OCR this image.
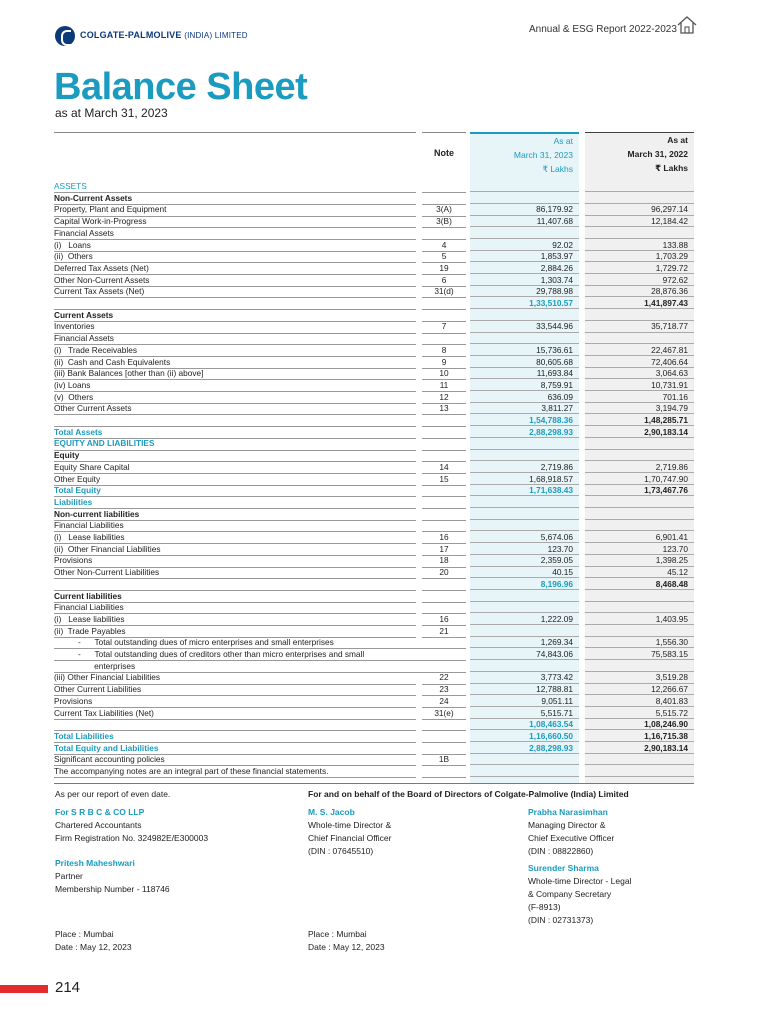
COLGATE-PALMOLIVE (INDIA) LIMITED
Annual & ESG Report 2022-2023
Balance Sheet
as at March 31, 2023
Note
As at
March 31, 2023
₹ Lakhs
As at
March 31, 2022
₹ Lakhs
ASSETS
Non-Current Assets
Property, Plant and Equipment	3(A)	86,179.92	96,297.14
Capital Work-in-Progress	3(B)	11,407.68	12,184.42
Financial Assets
(i)   Loans	4	92.02	133.88
(ii)  Others	5	1,853.97	1,703.29
Deferred Tax Assets (Net)	19	2,884.26	1,729.72
Other Non-Current Assets	6	1,303.74	972.62
Current Tax Assets (Net)	31(d)	29,788.98	28,876.36
1,33,510.57	1,41,897.43
Current Assets
Inventories	7	33,544.96	35,718.77
Financial Assets
(i)   Trade Receivables	8	15,736.61	22,467.81
(ii)  Cash and Cash Equivalents	9	80,605.68	72,406.64
(iii) Bank Balances [other than (ii) above]	10	11,693.84	3,064.63
(iv) Loans	11	8,759.91	10,731.91
(v)  Others	12	636.09	701.16
Other Current Assets	13	3,811.27	3,194.79
1,54,788.36	1,48,285.71
Total Assets	2,88,298.93	2,90,183.14
EQUITY AND LIABILITIES
Equity
Equity Share Capital	14	2,719.86	2,719.86
Other Equity	15	1,68,918.57	1,70,747.90
Total Equity	1,71,638.43	1,73,467.76
Liabilities
Non-current liabilities
Financial Liabilities
(i)   Lease liabilities	16	5,674.06	6,901.41
(ii)  Other Financial Liabilities	17	123.70	123.70
Provisions	18	2,359.05	1,398.25
Other Non-Current Liabilities	20	40.15	45.12
8,196.96	8,468.48
Current liabilities
Financial Liabilities
(i)   Lease liabilities	16	1,222.09	1,403.95
(ii)  Trade Payables	21
-      Total outstanding dues of micro enterprises and small enterprises	1,269.34	1,556.30
-      Total outstanding dues of creditors other than micro enterprises and small	74,843.06	75,583.15
enterprises
(iii) Other Financial Liabilities	22	3,773.42	3,519.28
Other Current Liabilities	23	12,788.81	12,266.67
Provisions	24	9,051.11	8,401.83
Current Tax Liabilities (Net)	31(e)	5,515.71	5,515.72
1,08,463.54	1,08,246.90
Total Liabilities	1,16,660.50	1,16,715.38
Total Equity and Liabilities	2,88,298.93	2,90,183.14
Significant accounting policies	1B
The accompanying notes are an integral part of these financial statements.
As per our report of even date.	For and on behalf of the Board of Directors of Colgate-Palmolive (India) Limited
For S R B C & CO LLP
Chartered Accountants
Firm Registration No. 324982E/E300003
Pritesh Maheshwari
Partner
Membership Number - 118746
Place : Mumbai
Date : May 12, 2023
M. S. Jacob
Whole-time Director &
Chief Financial Officer
(DIN : 07645510)
Place : Mumbai
Date : May 12, 2023
Prabha Narasimhan
Managing Director &
Chief Executive Officer
(DIN : 08822860)
Surender Sharma
Whole-time Director - Legal
& Company Secretary
(F-8913)
(DIN : 02731373)
214
